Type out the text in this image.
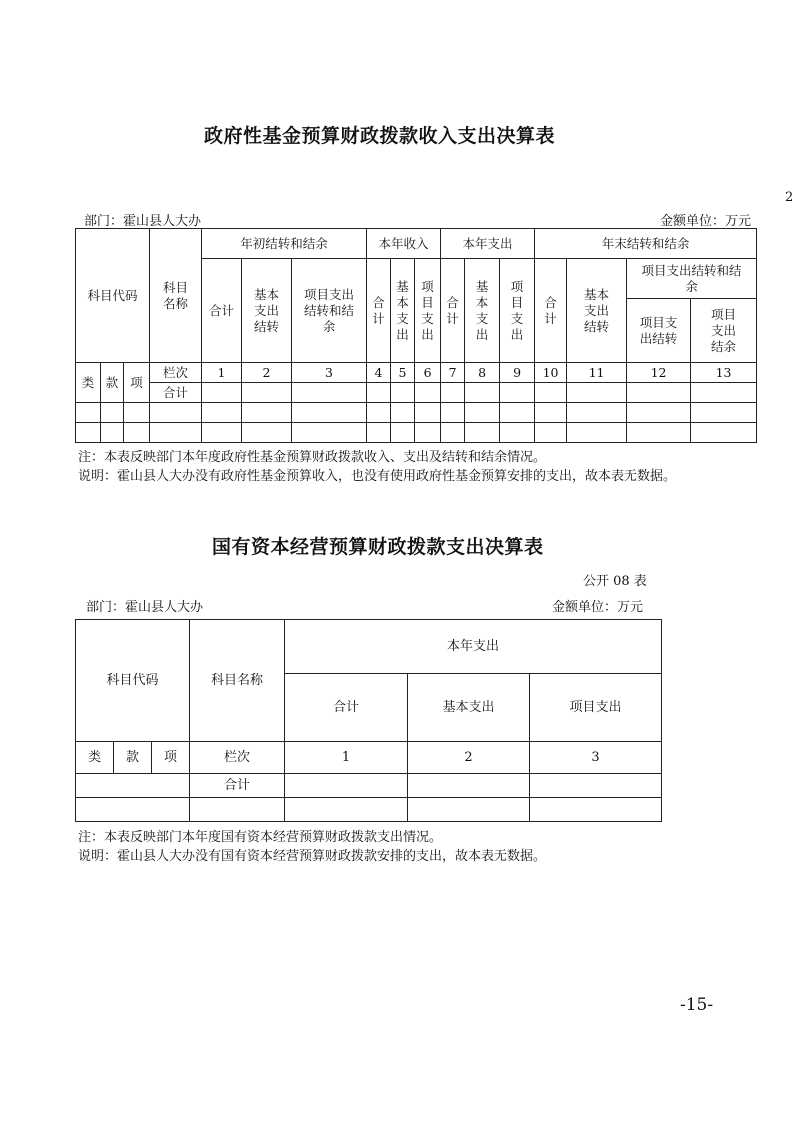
政府性基金预算财政拨款收入支出决算表
2
部门：霍山县人大办	金额单位：万元
科目代码			科目名称	年初结转和结余			本年收入			本年支出			年末结转和结余			
				合计	基本支出结转	项目支出结转和结余	合计	基本支出	项目支出	合计	基本支出	项目支出	合计	基本支出结转	项目支出结转和结余	
															项目支出结转	项目支出结余
类	款	项	栏次	1	2	3	4	5	6	7	8	9	10	11	12	13
			合计													

注：本表反映部门本年度政府性基金预算财政拨款收入、支出及结转和结余情况。
说明：霍山县人大办没有政府性基金预算收入，也没有使用政府性基金预算安排的支出，故本表无数据。
国有资本经营预算财政拨款支出决算表
公开 08 表
部门：霍山县人大办	金额单位：万元
科目代码			科目名称	本年支出		
				合计	基本支出	项目支出
类	款	项	栏次	1	2	3
			合计			

注：本表反映部门本年度国有资本经营预算财政拨款支出情况。
说明：霍山县人大办没有国有资本经营预算财政拨款安排的支出，故本表无数据。
-15-
